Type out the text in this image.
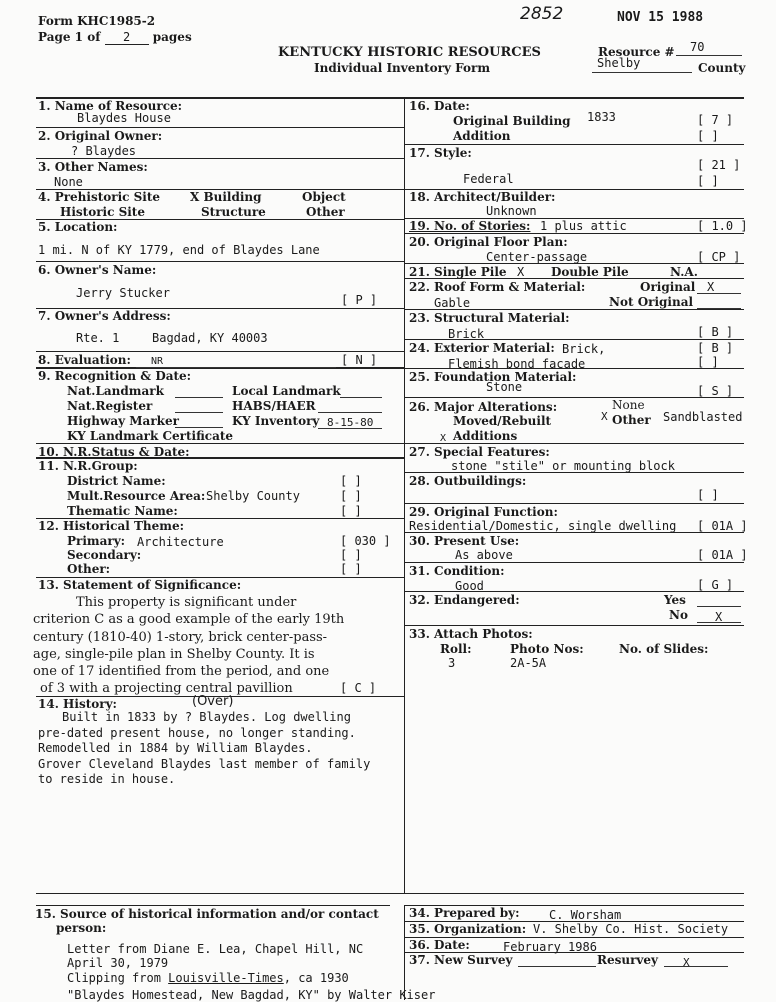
Form KHC1985-2
Page 1 of 2 pages
2852	NOV 15 1988
KENTUCKY HISTORIC RESOURCES
Individual Inventory Form
Resource # 70
Shelby	County
1. Name of Resource:
Blaydes House
2. Original Owner:
? Blaydes
3. Other Names:
None
4. Prehistoric Site X Building	Object
Historic Site	Structure	Other
5. Location:
1 mi. N of KY 1779, end of Blaydes Lane
6. Owner's Name:
Jerry Stucker	[ P ]
7. Owner's Address:
Rte. 1	Bagdad, KY 40003
8. Evaluation: NR	[ N ]
9. Recognition & Date:
Nat.Landmark	Local Landmark
Nat.Register	HABS/HAER
Highway Marker	KY Inventory 8-15-80
KY Landmark Certificate
10. N.R.Status & Date:
11. N.R.Group:
District Name:	[ ]
Mult.Resource Area: Shelby County	[ ]
Thematic Name:	[ ]
12. Historical Theme:
Primary: Architecture	[ 030 ]
Secondary:	[ ]
Other:	[ ]
13. Statement of Significance:
This property is significant under
criterion C as a good example of the early 19th
century (1810-40) 1-story, brick center-pass-
age, single-pile plan in Shelby County. It is
one of 17 identified from the period, and one
of 3 with a projecting central pavillion	[ C ]
(Over)
14. History:
Built in 1833 by ? Blaydes. Log dwelling
pre-dated present house, no longer standing.
Remodelled in 1884 by William Blaydes.
Grover Cleveland Blaydes last member of family
to reside in house.
15. Source of historical information and/or contact
person:
Letter from Diane E. Lea, Chapel Hill, NC
April 30, 1979
Clipping from Louisville-Times, ca 1930
"Blaydes Homestead, New Bagdad, KY" by Walter Kiser
16. Date:
Original Building 1833	[ 7 ]
Addition	[ ]
17. Style:
[ 21 ]
Federal	[ ]
18. Architect/Builder:
Unknown
19. No. of Stories: 1 plus attic	[ 1.0 ]
20. Original Floor Plan:
Center-passage	[ CP ]
21. Single Pile X Double Pile	N.A.
22. Roof Form & Material:	Original X
Gable	Not Original
23. Structural Material:
Brick	[ B ]
24. Exterior Material: Brick,	[ B ]
Flemish bond facade	[ ]
25. Foundation Material:
Stone	[ S ]
26. Major Alterations:	None
Moved/Rebuilt	X Other Sandblasted
X Additions
27. Special Features:
stone "stile" or mounting block
28. Outbuildings:
[ ]
29. Original Function:
Residential/Domestic, single dwelling [ 01A ]
30. Present Use:
As above	[ 01A ]
31. Condition:
Good	[ G ]
32. Endangered:	Yes
No X
33. Attach Photos:
Roll:	Photo Nos:	No. of Slides:
3	2A-5A
34. Prepared by: C. Worsham
35. Organization: V. Shelby Co. Hist. Society
36. Date:	February 1986
37. New Survey	Resurvey X
